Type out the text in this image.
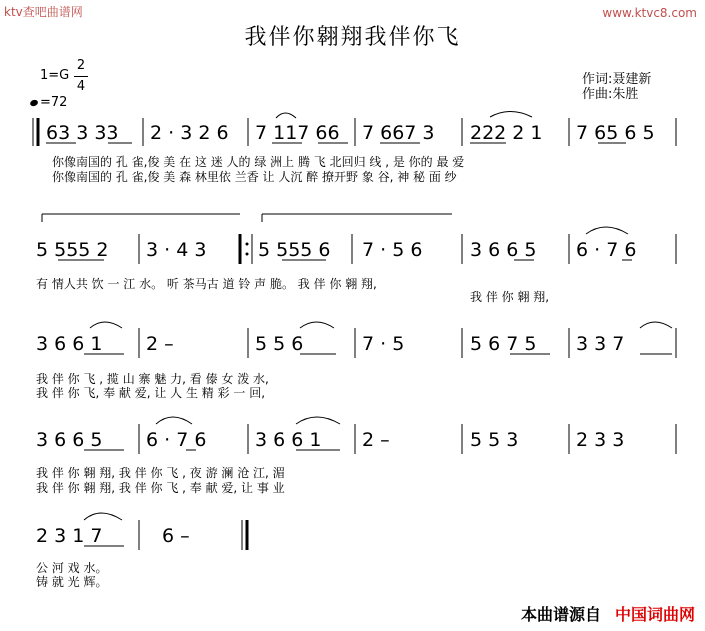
ktv查吧曲谱网	www.ktvc8.com
我伴你翱翔我伴你飞
1=G
2
4
=72
作词:聂建新
作曲:朱胜
63 3 33 2 · 3 2 6 7 117 66 7 667 3 222 2 1 7 65 6 5
你像南国的 孔 雀,俊 美 在 这 迷 人的 绿 洲上 腾 飞 北回归 线 , 是 你的 最 爱
你像南国的 孔 雀,俊 美 森 林里依 兰香 让 人沉 醉 撩开野 象 谷, 神 秘 面 纱
5 555 2 3 · 4 3	5 555 6 7 · 5 6	3 6 6 5 6 · 7 6
有 情人共 饮 一 江 水。 听 茶马古 道 铃 声 脆。 我 伴 你 翱 翔,
我 伴 你 翱 翔,
3 6 6 1 2 –	5 5 6	7 · 5	5 6 7 5 3 3 7
我 伴 你 飞 , 揽 山 寨 魅 力, 看 傣 女 泼 水,
我 伴 你 飞, 奉 献 爱, 让 人 生 精 彩 一 回,
3 6 6 5 6 · 7 6	3 6 6 1 2 –	5 5 3	2 3 3
我 伴 你 翱 翔, 我 伴 你 飞 , 夜 游 澜 沧 江, 湄
我 伴 你 翱 翔, 我 伴 你 飞 , 奉 献 爱, 让 事 业
2 3 1 7	6 –
公 河 戏 水。
铸 就 光 辉。
本曲谱源自 中国词曲网
